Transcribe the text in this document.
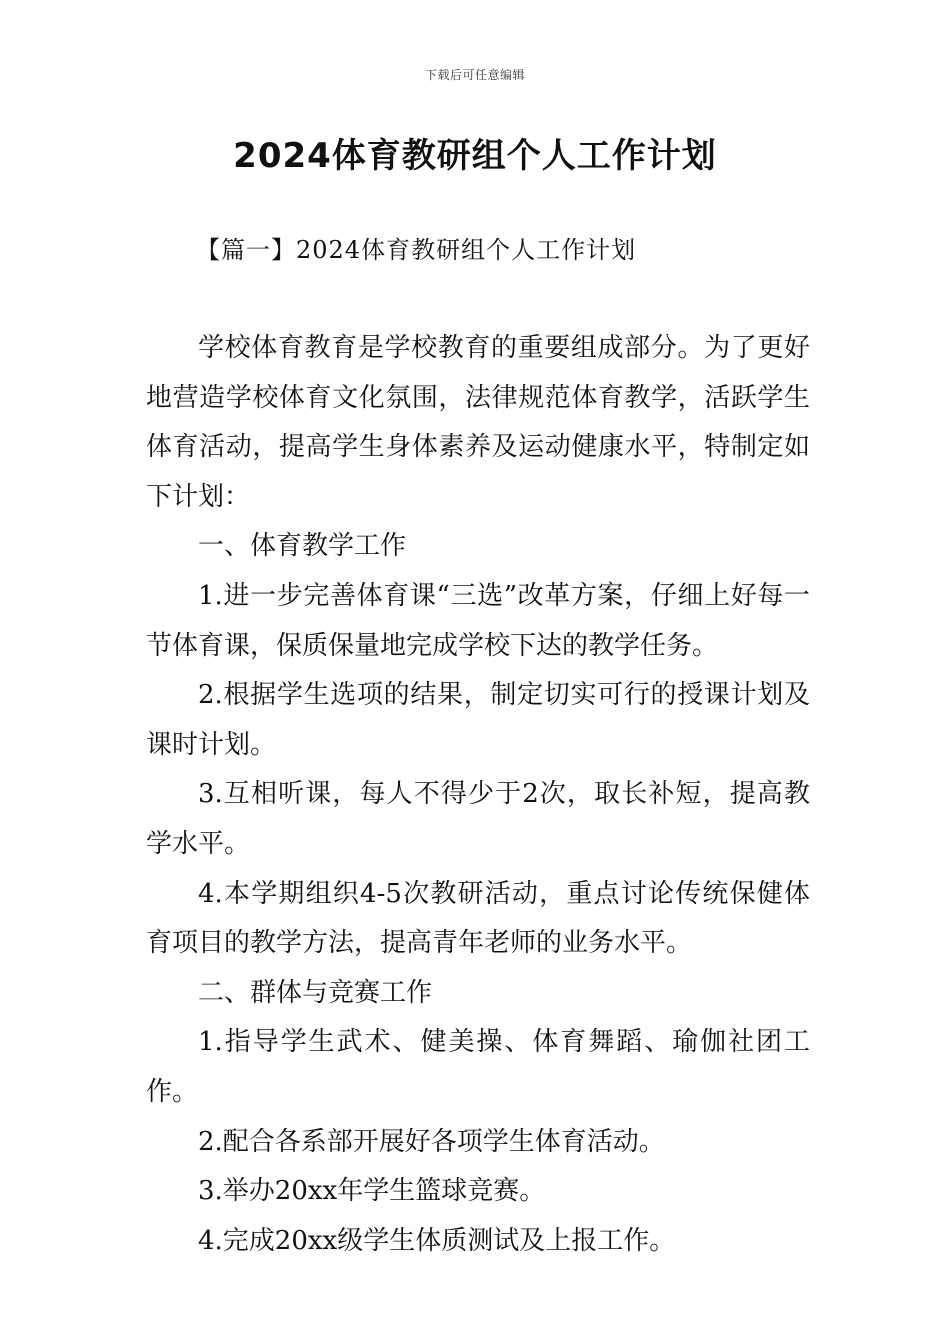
下载后可任意编辑
2024体育教研组个人工作计划
【篇一】2024体育教研组个人工作计划

学校体育教育是学校教育的重要组成部分。为了更好地营造学校体育文化氛围，法律规范体育教学，活跃学生体育活动，提高学生身体素养及运动健康水平，特制定如下计划：

一、体育教学工作

1.进一步完善体育课“三选”改革方案，仔细上好每一节体育课，保质保量地完成学校下达的教学任务。

2.根据学生选项的结果，制定切实可行的授课计划及课时计划。

3.互相听课，每人不得少于2次，取长补短，提高教学水平。

4.本学期组织4-5次教研活动，重点讨论传统保健体育项目的教学方法，提高青年老师的业务水平。

二、群体与竞赛工作

1.指导学生武术、健美操、体育舞蹈、瑜伽社团工作。

2.配合各系部开展好各项学生体育活动。

3.举办20xx年学生篮球竞赛。

4.完成20xx级学生体质测试及上报工作。
